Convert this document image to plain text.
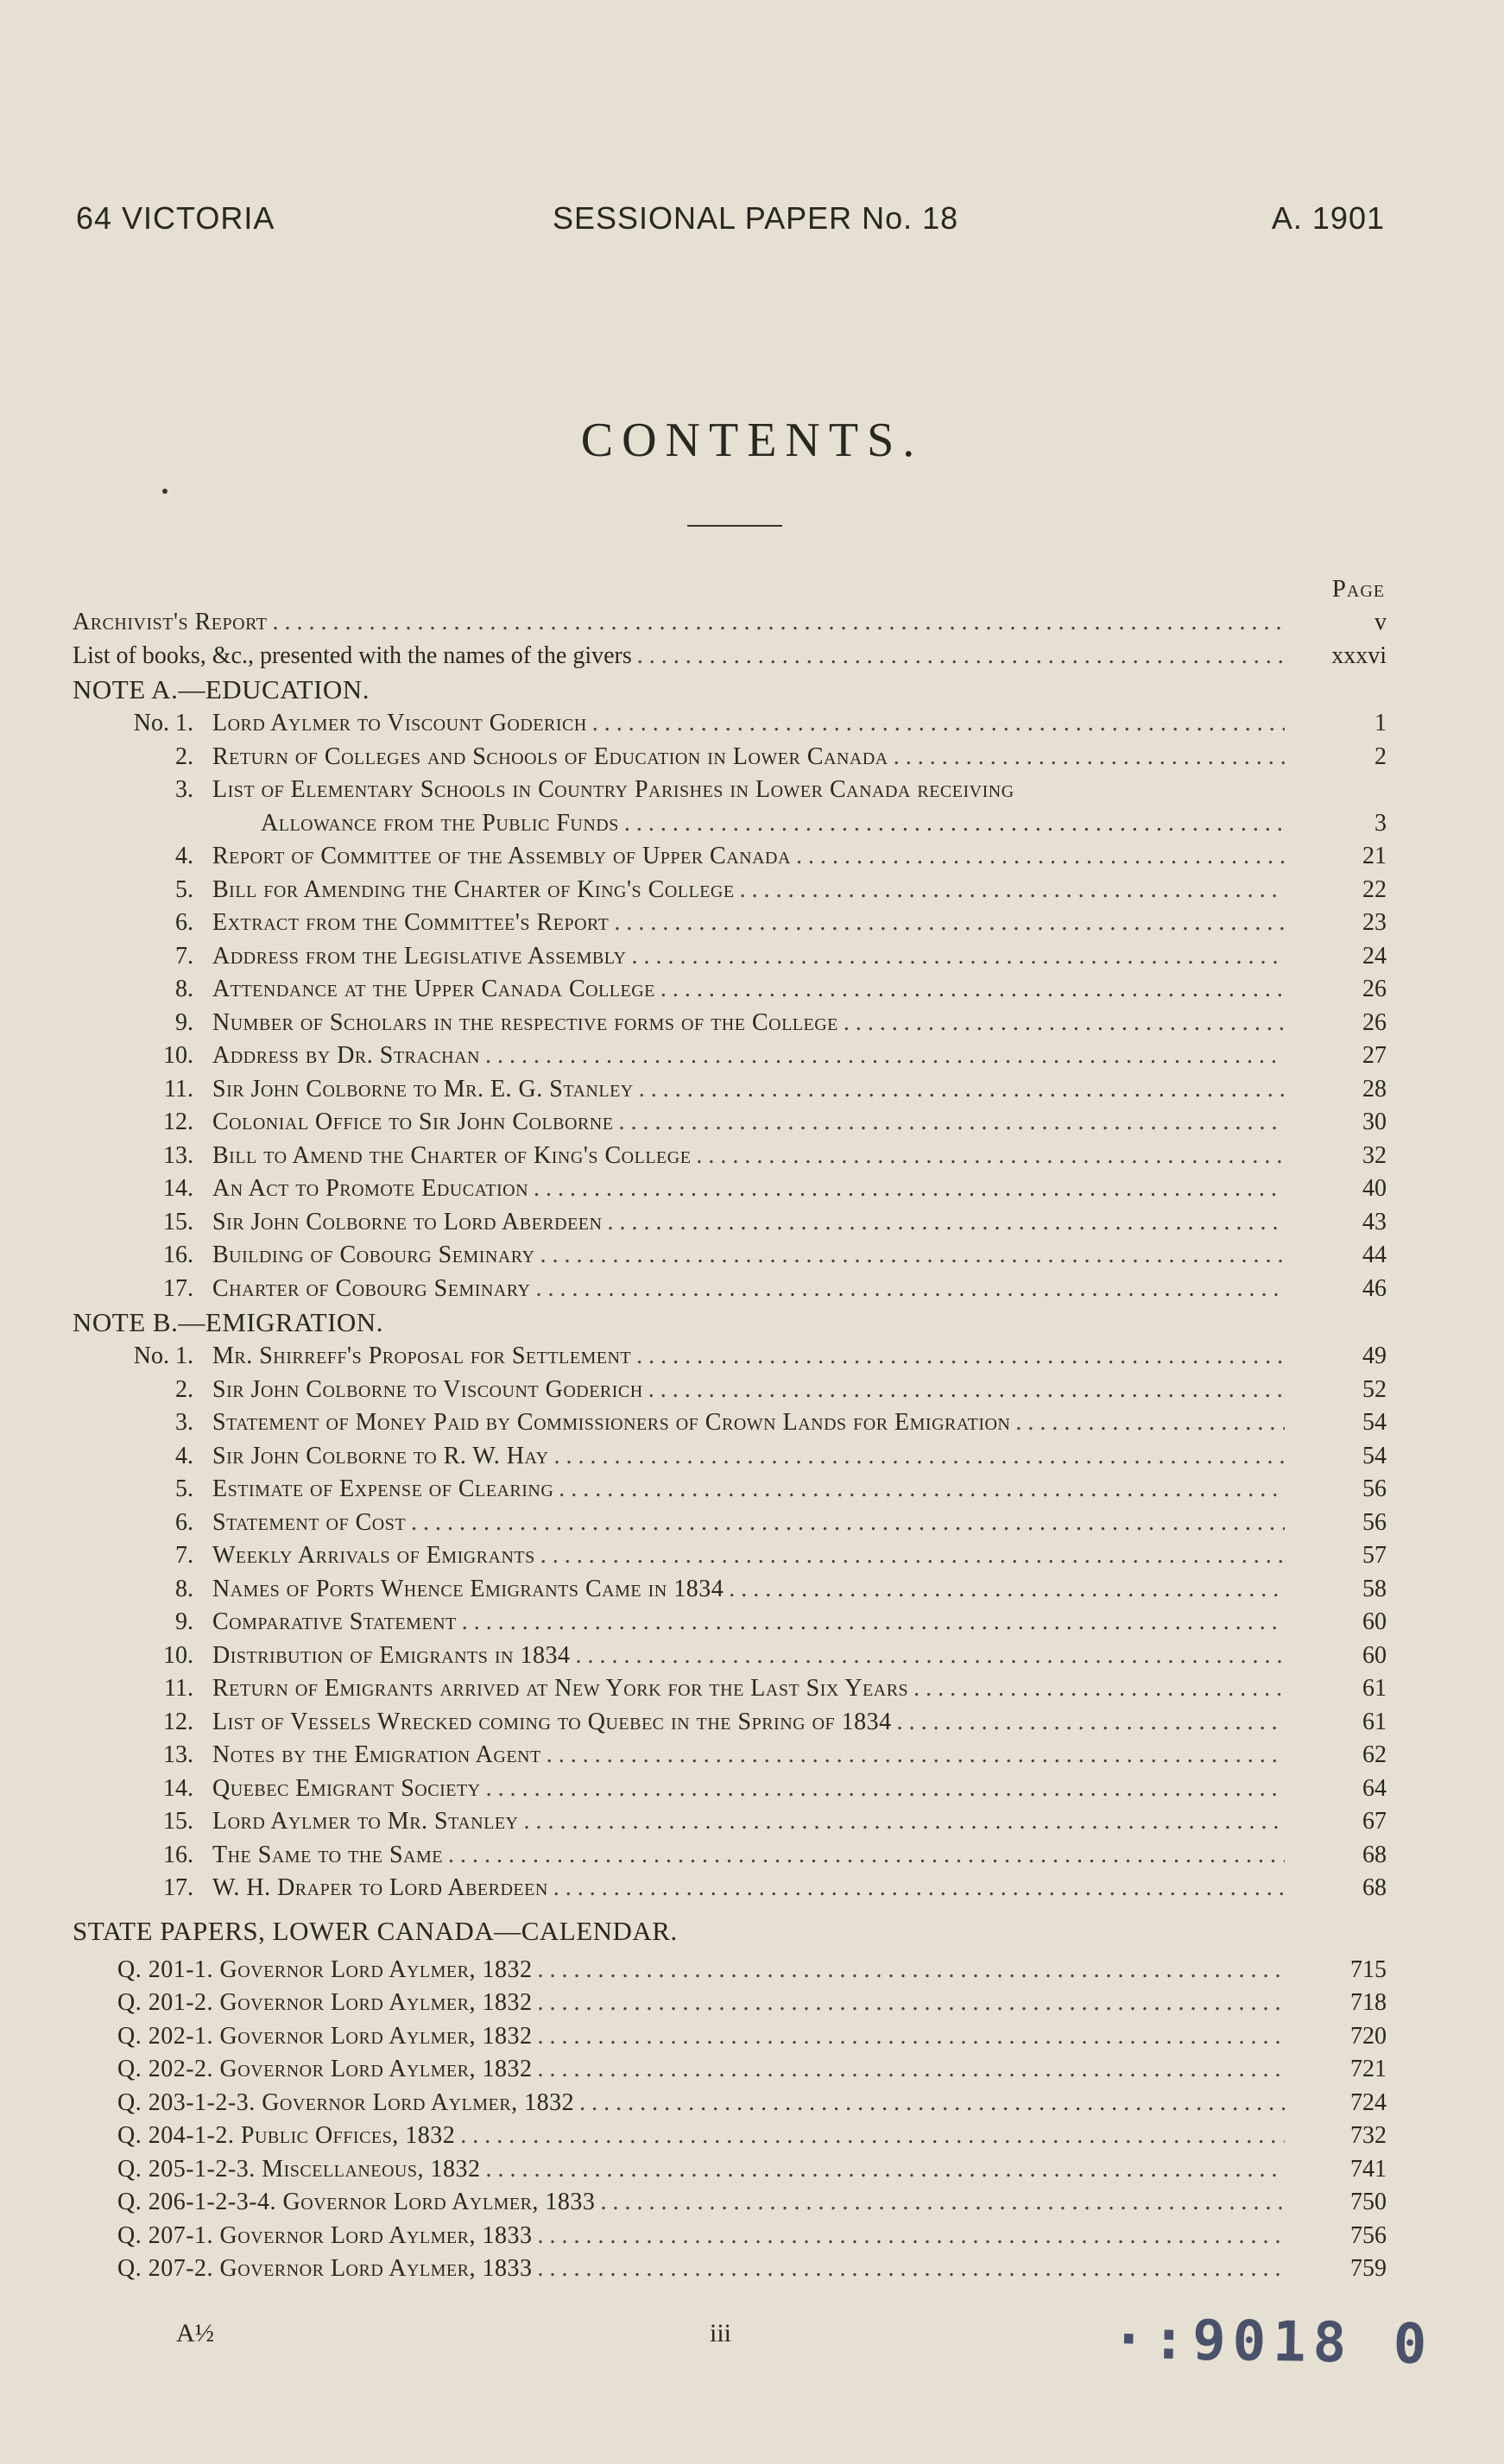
64 VICTORIA	SESSIONAL PAPER No. 18	A. 1901
CONTENTS.
Page
Archivist's Report . . .	v
List of books, &c., presented with the names of the givers . . .	xxxvi
NOTE A.—EDUCATION.
No. 1. Lord Aylmer to Viscount Goderich . . .	1
2. Return of Colleges and Schools of Education in Lower Canada . . .	2
3. List of Elementary Schools in Country Parishes in Lower Canada receiving
Allowance from the Public Funds . . .	3
4. Report of Committee of the Assembly of Upper Canada . . .	21
5. Bill for Amending the Charter of King's College . . .	22
6. Extract from the Committee's Report . . .	23
7. Address from the Legislative Assembly . . .	24
8. Attendance at the Upper Canada College . . .	26
9. Number of Scholars in the respective forms of the College . . .	26
10. Address by Dr. Strachan . . .	27
11. Sir John Colborne to Mr. E. G. Stanley . . .	28
12. Colonial Office to Sir John Colborne . . .	30
13. Bill to Amend the Charter of King's College . . .	32
14. An Act to Promote Education . . .	40
15. Sir John Colborne to Lord Aberdeen . . .	43
16. Building of Cobourg Seminary . . .	44
17. Charter of Cobourg Seminary . . .	46
NOTE B.—EMIGRATION.
No. 1. Mr. Shirreff's Proposal for Settlement . . .	49
2. Sir John Colborne to Viscount Goderich . . .	52
3. Statement of Money Paid by Commissioners of Crown Lands for Emigration . . .	54
4. Sir John Colborne to R. W. Hay . . .	54
5. Estimate of Expense of Clearing . . .	56
6. Statement of Cost . . .	56
7. Weekly Arrivals of Emigrants . . .	57
8. Names of Ports Whence Emigrants Came in 1834 . . .	58
9. Comparative Statement . . .	60
10. Distribution of Emigrants in 1834 . . .	60
11. Return of Emigrants arrived at New York for the Last Six Years . . .	61
12. List of Vessels Wrecked coming to Quebec in the Spring of 1834 . . .	61
13. Notes by the Emigration Agent . . .	62
14. Quebec Emigrant Society . . .	64
15. Lord Aylmer to Mr. Stanley . . .	67
16. The Same to the Same . . .	68
17. W. H. Draper to Lord Aberdeen . . .	68
STATE PAPERS, LOWER CANADA—CALENDAR.
Q. 201-1. Governor Lord Aylmer, 1832 . . .	715
Q. 201-2. Governor Lord Aylmer, 1832 . . .	718
Q. 202-1. Governor Lord Aylmer, 1832 . . .	720
Q. 202-2. Governor Lord Aylmer, 1832 . . .	721
Q. 203-1-2-3. Governor Lord Aylmer, 1832 . . .	724
Q. 204-1-2. Public Offices, 1832 . . .	732
Q. 205-1-2-3. Miscellaneous, 1832 . . .	741
Q. 206-1-2-3-4. Governor Lord Aylmer, 1833 . . .	750
Q. 207-1. Governor Lord Aylmer, 1833 . . .	756
Q. 207-2. Governor Lord Aylmer, 1833 . . .	759
A½	iii	·:9018 0
